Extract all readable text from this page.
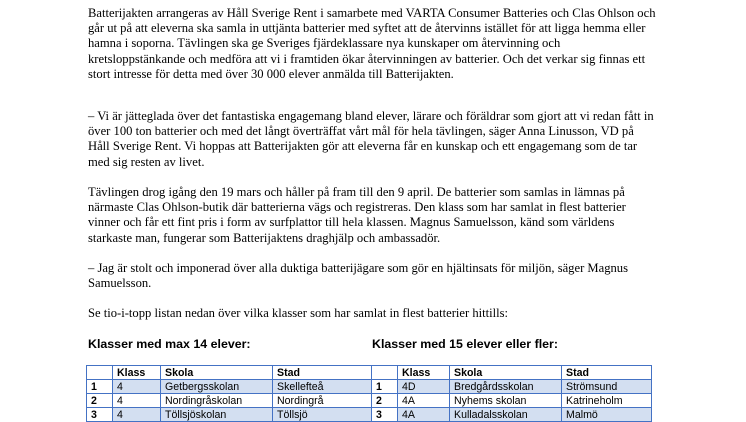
Batterijakten arrangeras av Håll Sverige Rent i samarbete med VARTA Consumer Batteries och Clas Ohlson och går ut på att eleverna ska samla in uttjänta batterier med syftet att de återvinns istället för att ligga hemma eller hamna i soporna. Tävlingen ska ge Sveriges fjärdeklassare nya kunskaper om återvinning och kretsloppstänkande och medföra att vi i framtiden ökar återvinningen av batterier. Och det verkar sig finnas ett stort intresse för detta med över 30 000 elever anmälda till Batterijakten.

– Vi är jätteglada över det fantastiska engagemang bland elever, lärare och föräldrar som gjort att vi redan fått in över 100 ton batterier och med det långt överträffat vårt mål för hela tävlingen, säger Anna Linusson, VD på Håll Sverige Rent. Vi hoppas att Batterijakten gör att eleverna får en kunskap och ett engagemang som de tar med sig resten av livet.

Tävlingen drog igång den 19 mars och håller på fram till den 9 april. De batterier som samlas in lämnas på närmaste Clas Ohlson-butik där batterierna vägs och registreras. Den klass som har samlat in flest batterier vinner och får ett fint pris i form av surfplattor till hela klassen. Magnus Samuelsson, känd som världens starkaste man, fungerar som Batterijaktens draghjälp och ambassadör.

– Jag är stolt och imponerad över alla duktiga batterijägare som gör en hjältinsats för miljön, säger Magnus Samuelsson.

Se tio-i-topp listan nedan över vilka klasser som har samlat in flest batterier hittills:

Klasser med max 14 elever:	Klasser med 15 elever eller fler:

	Klass	Skola	Stad
1	4	Getbergsskolan	Skellefteå
2	4	Nordingråskolan	Nordingrå
3	4	Töllsjöskolan	Töllsjö
	Klass	Skola	Stad
1	4D	Bredgårdsskolan	Strömsund
2	4A	Nyhems skolan	Katrineholm
3	4A	Kulladalsskolan	Malmö
